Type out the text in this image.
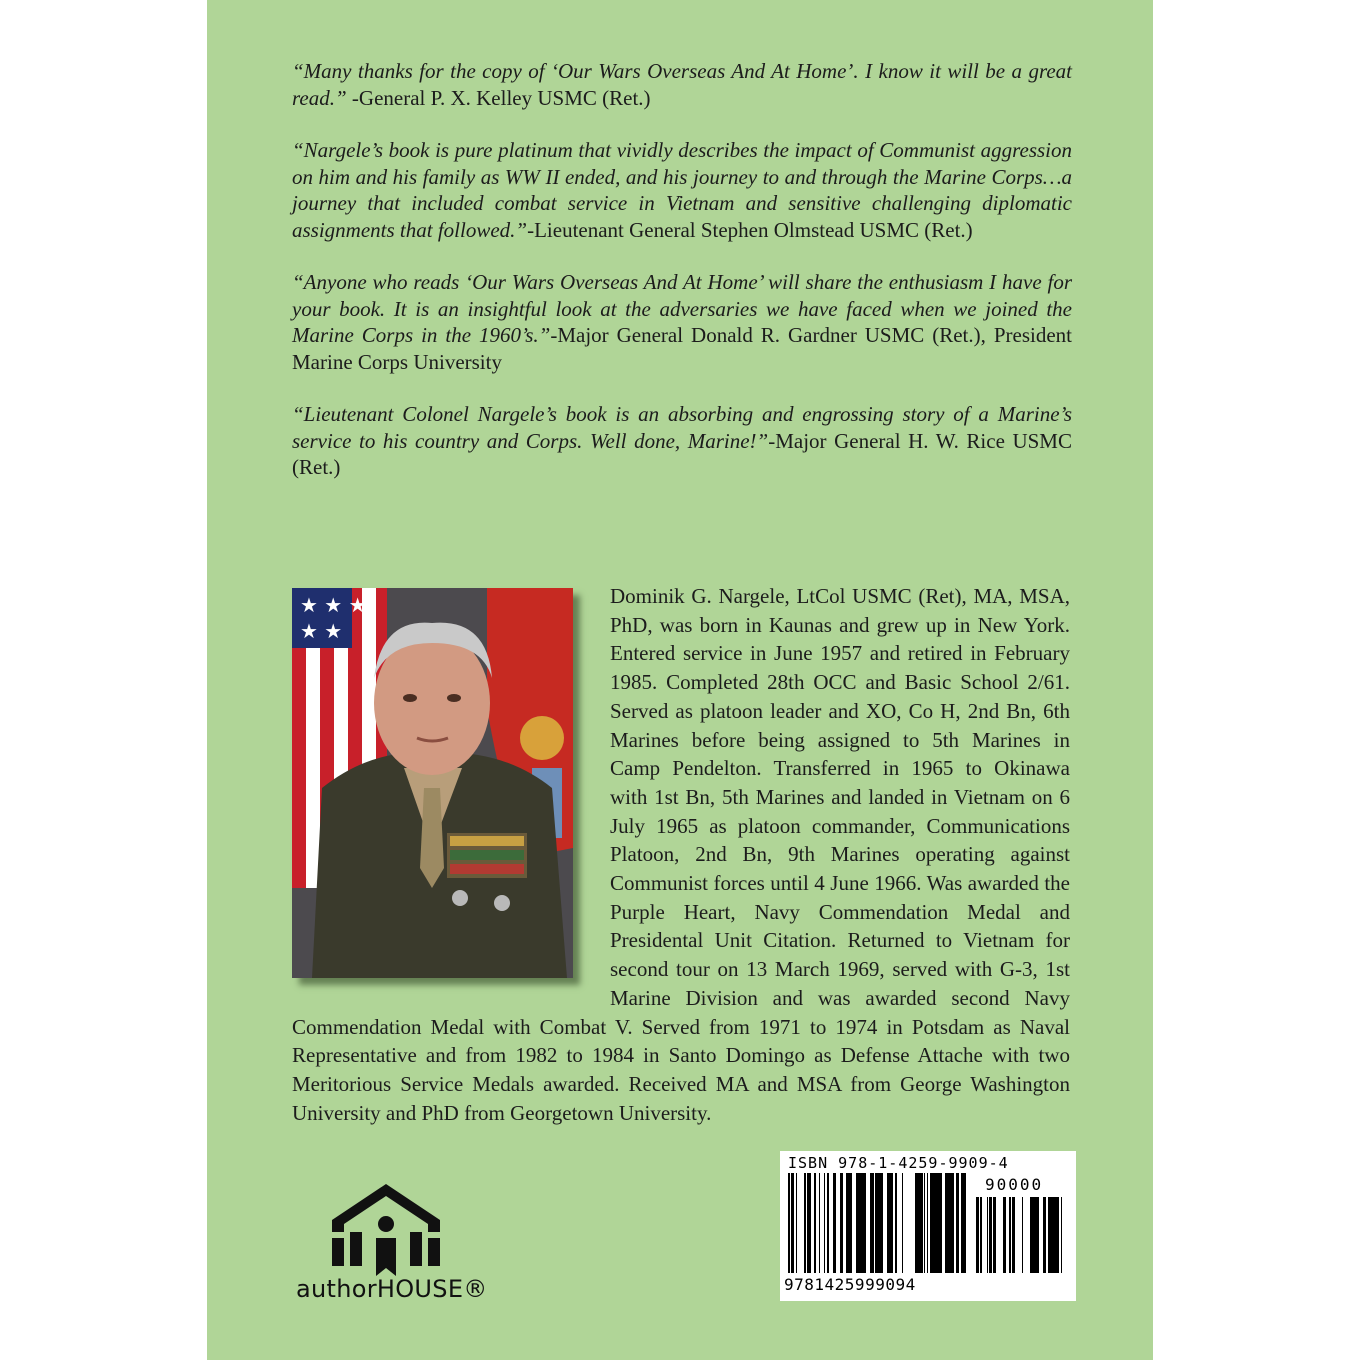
“Many thanks for the copy of ‘Our Wars Overseas And At Home’. I know it will be a great read.” -General P. X. Kelley USMC (Ret.)

“Nargele’s book is pure platinum that vividly describes the impact of Communist aggression on him and his family as WW II ended, and his journey to and through the Marine Corps…a journey that included combat service in Vietnam and sensitive challenging diplomatic assignments that followed.”-Lieutenant General Stephen Olmstead USMC (Ret.)

“Anyone who reads ‘Our Wars Overseas And At Home’ will share the enthusiasm I have for your book. It is an insightful look at the adversaries we have faced when we joined the Marine Corps in the 1960’s.”-Major General Donald R. Gardner USMC (Ret.), President Marine Corps University

“Lieutenant Colonel Nargele’s book is an absorbing and engrossing story of a Marine’s service to his country and Corps. Well done, Marine!”-Major General H. W. Rice USMC (Ret.)

★ ★ ★
★ ★
Dominik G. Nargele, LtCol USMC (Ret), MA, MSA, PhD, was born in Kaunas and grew up in New York. Entered service in June 1957 and retired in February 1985. Completed 28th OCC and Basic School 2/61. Served as platoon leader and XO, Co H, 2nd Bn, 6th Marines before being assigned to 5th Marines in Camp Pendelton. Transferred in 1965 to Okinawa with 1st Bn, 5th Marines and landed in Vietnam on 6 July 1965 as platoon commander, Communications Platoon, 2nd Bn, 9th Marines operating against Communist forces until 4 June 1966. Was awarded the Purple Heart, Navy Commendation Medal and Presidental Unit Citation. Returned to Vietnam for second tour on 13 March 1969, served with G-3, 1st Marine Division and was awarded second Navy Commendation Medal with Combat V. Served from 1971 to 1974 in Potsdam as Naval Representative and from 1982 to 1984 in Santo Domingo as Defense Attache with two Meritorious Service Medals awarded. Received MA and MSA from George Washington University and PhD from Georgetown University.
authorHOUSE®
ISBN 978-1-4259-9909-4
90000
9781425999094
